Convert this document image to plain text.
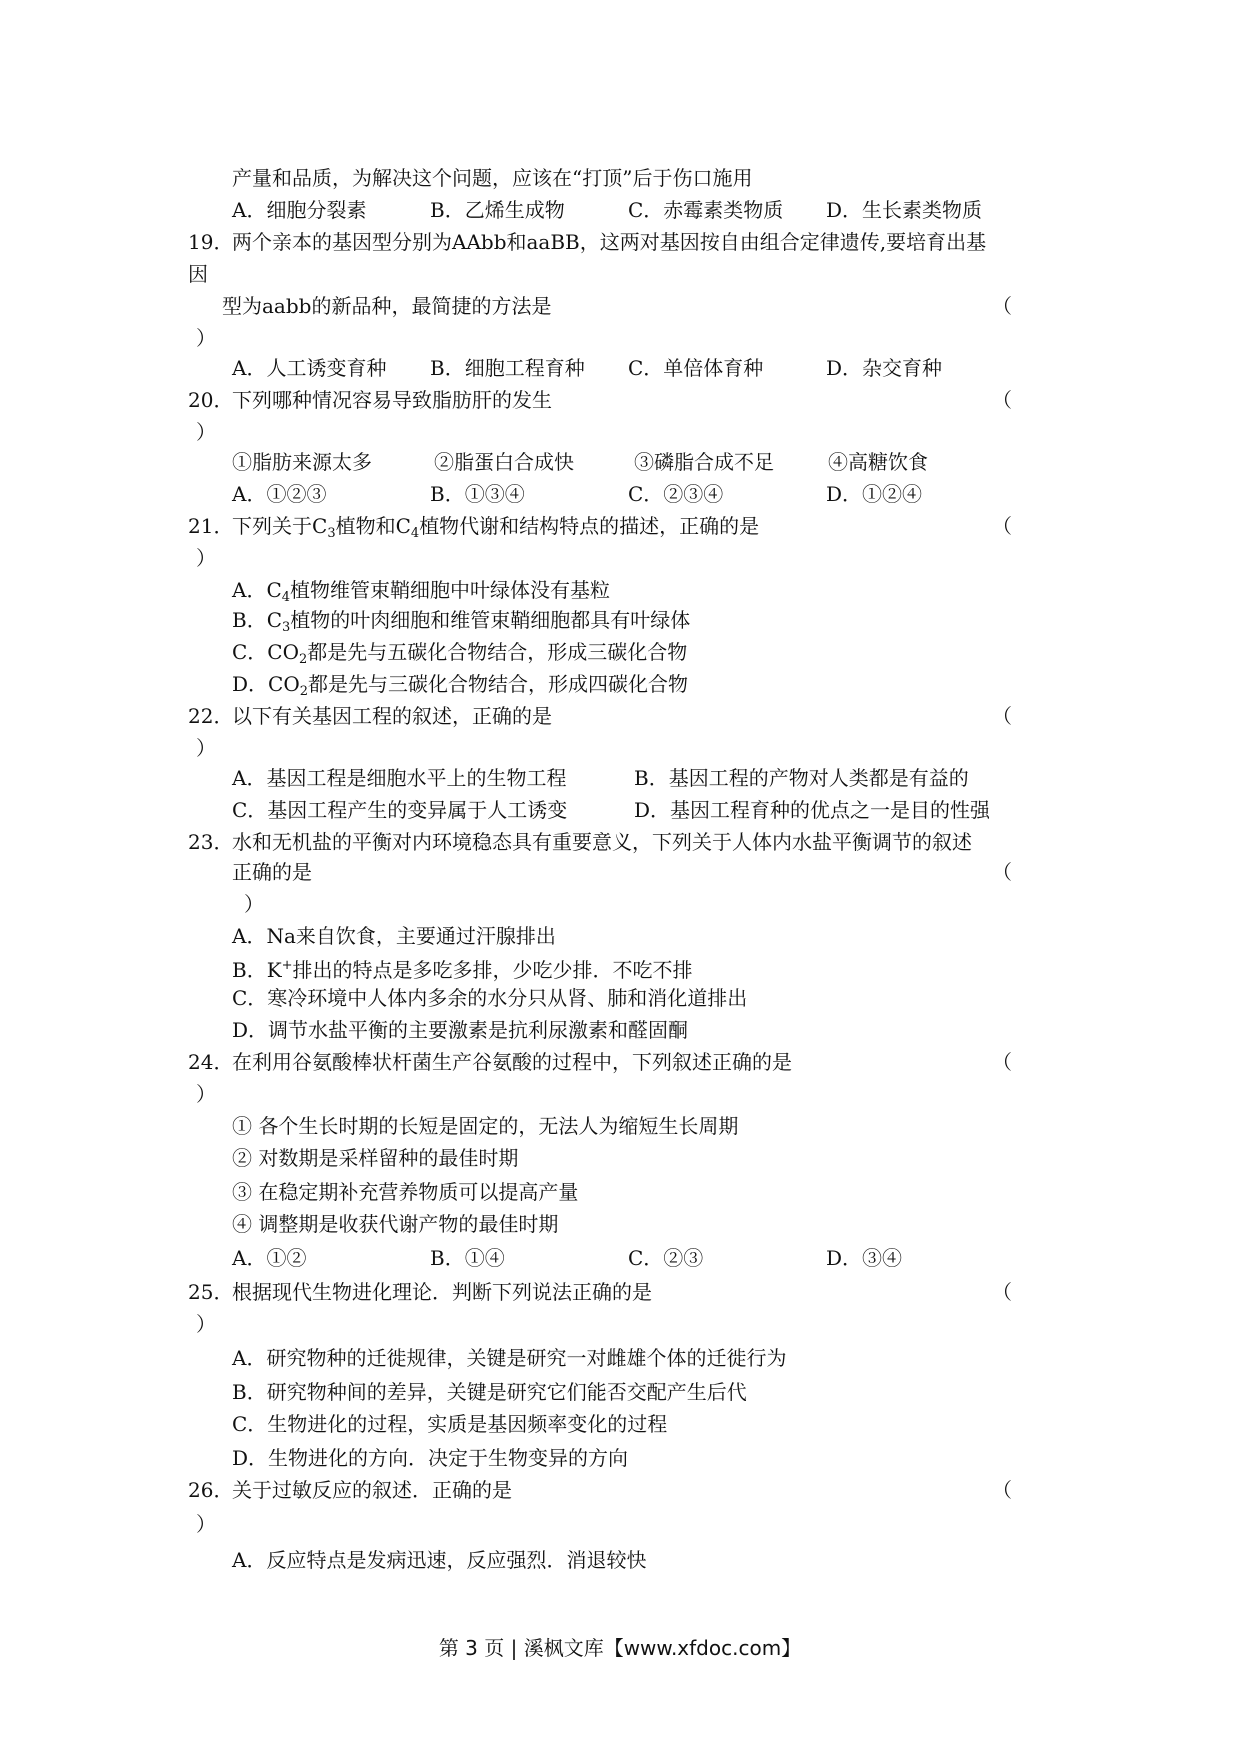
产量和品质，为解决这个问题，应该在“打顶”后于伤口施用
A．细胞分裂素	B．乙烯生成物	C．赤霉素类物质 D．生长素类物质
19．
两个亲本的基因型分别为AAbb和aaBB，这两对基因按自由组合定律遗传,要培育出基
因
型为aabb的新品种，最简捷的方法是	（
）
A．人工诱变育种 B．细胞工程育种 C．单倍体育种	D．杂交育种
20．
下列哪种情况容易导致脂肪肝的发生	（
）
①脂肪来源太多	②脂蛋白合成快	③磷脂合成不足	④高糖饮食
A．①②③	B．①③④	C．②③④	D．①②④
21．
下列关于$C_3$植物和$C_4$植物代谢和结构特点的描述，正确的是	（
）
A．$C_4$植物维管束鞘细胞中叶绿体没有基粒
B．$C_3$植物的叶肉细胞和维管束鞘细胞都具有叶绿体
C．$CO_2$都是先与五碳化合物结合，形成三碳化合物
D．$CO_2$都是先与三碳化合物结合，形成四碳化合物
22．
以下有关基因工程的叙述，正确的是	（
）
A．基因工程是细胞水平上的生物工程	B．基因工程的产物对人类都是有益的
C．基因工程产生的变异属于人工诱变	D．基因工程育种的优点之一是目的性强
23．
水和无机盐的平衡对内环境稳态具有重要意义，下列关于人体内水盐平衡调节的叙述
正确的是	（
）
A．Na来自饮食，主要通过汗腺排出
B．K+排出的特点是多吃多排，少吃少排．不吃不排
C．寒冷环境中人体内多余的水分只从肾、肺和消化道排出
D．调节水盐平衡的主要激素是抗利尿激素和醛固酮
24．
在利用谷氨酸棒状杆菌生产谷氨酸的过程中，下列叙述正确的是	（
）
① 各个生长时期的长短是固定的，无法人为缩短生长周期
② 对数期是采样留种的最佳时期
③ 在稳定期补充营养物质可以提高产量
④ 调整期是收获代谢产物的最佳时期
A．①②	B．①④	C．②③	D．③④
25．
根据现代生物进化理论．判断下列说法正确的是	（
）
A．研究物种的迁徙规律，关键是研究一对雌雄个体的迁徙行为
B．研究物种间的差异，关键是研究它们能否交配产生后代
C．生物进化的过程，实质是基因频率变化的过程
D．生物进化的方向．决定于生物变异的方向
26．
关于过敏反应的叙述．正确的是	（
）
A．反应特点是发病迅速，反应强烈．消退较快
第 3 页 | 溪枫文库【www.xfdoc.com】
